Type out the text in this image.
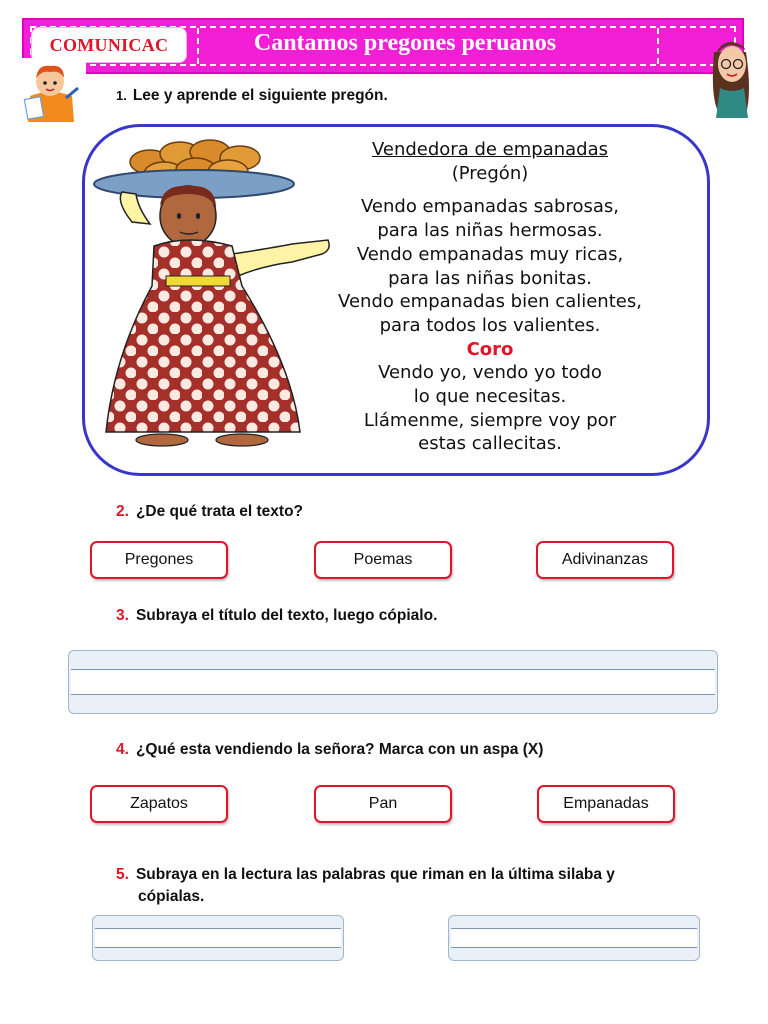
COMUNICAC	Cantamos pregones peruanos
1. Lee y aprende el siguiente pregón.
Vendedora de empanadas
(Pregón)
Vendo empanadas sabrosas,
para las niñas hermosas.
Vendo empanadas muy ricas,
para las niñas bonitas.
Vendo empanadas bien calientes,
para todos los valientes.
Coro
Vendo yo, vendo yo todo
lo que necesitas.
Llámenme, siempre voy por
estas callecitas.
2. ¿De qué trata el texto?
Pregones	Poemas	Adivinanzas
3. Subraya el título del texto, luego cópialo.
4. ¿Qué esta vendiendo la señora? Marca con un aspa (X)
Zapatos	Pan	Empanadas
5. Subraya en la lectura las palabras que riman en la última silaba y
cópialas.
